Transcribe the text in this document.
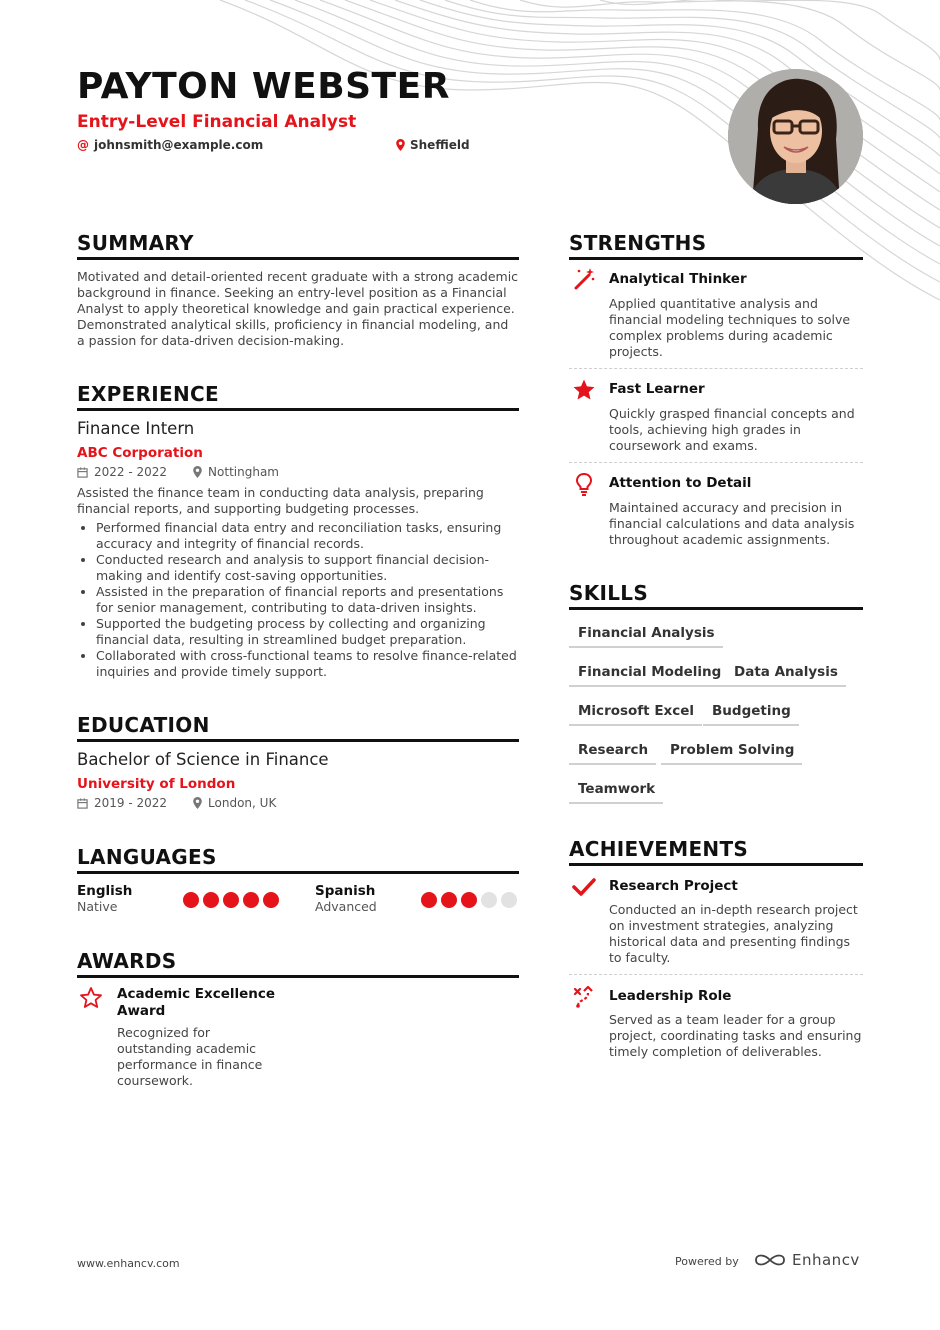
PAYTON WEBSTER
Entry-Level Financial Analyst
@ johnsmith@example.com	Sheffield
SUMMARY
Motivated and detail-oriented recent graduate with a strong academic background in finance. Seeking an entry-level position as a Financial Analyst to apply theoretical knowledge and gain practical experience. Demonstrated analytical skills, proficiency in financial modeling, and a passion for data-driven decision-making.
EXPERIENCE
Finance Intern
ABC Corporation
2022 - 2022	Nottingham
Assisted the finance team in conducting data analysis, preparing financial reports, and supporting budgeting processes.
• Performed financial data entry and reconciliation tasks, ensuring accuracy and integrity of financial records.
• Conducted research and analysis to support financial decision-making and identify cost-saving opportunities.
• Assisted in the preparation of financial reports and presentations for senior management, contributing to data-driven insights.
• Supported the budgeting process by collecting and organizing financial data, resulting in streamlined budget preparation.
• Collaborated with cross-functional teams to resolve finance-related inquiries and provide timely support.
EDUCATION
Bachelor of Science in Finance
University of London
2019 - 2022	London, UK
LANGUAGES
English
Native
Spanish
Advanced
AWARDS
Academic Excellence Award
Recognized for outstanding academic performance in finance coursework.
STRENGTHS
Analytical Thinker
Applied quantitative analysis and financial modeling techniques to solve complex problems during academic projects.
Fast Learner
Quickly grasped financial concepts and tools, achieving high grades in coursework and exams.
Attention to Detail
Maintained accuracy and precision in financial calculations and data analysis throughout academic assignments.
SKILLS
Financial Analysis
Financial Modeling Data Analysis
Microsoft Excel	Budgeting
Research	Problem Solving
Teamwork
ACHIEVEMENTS
Research Project
Conducted an in-depth research project on investment strategies, analyzing historical data and presenting findings to faculty.
Leadership Role
Served as a team leader for a group project, coordinating tasks and ensuring timely completion of deliverables.
www.enhancv.com	Powered by	Enhancv
